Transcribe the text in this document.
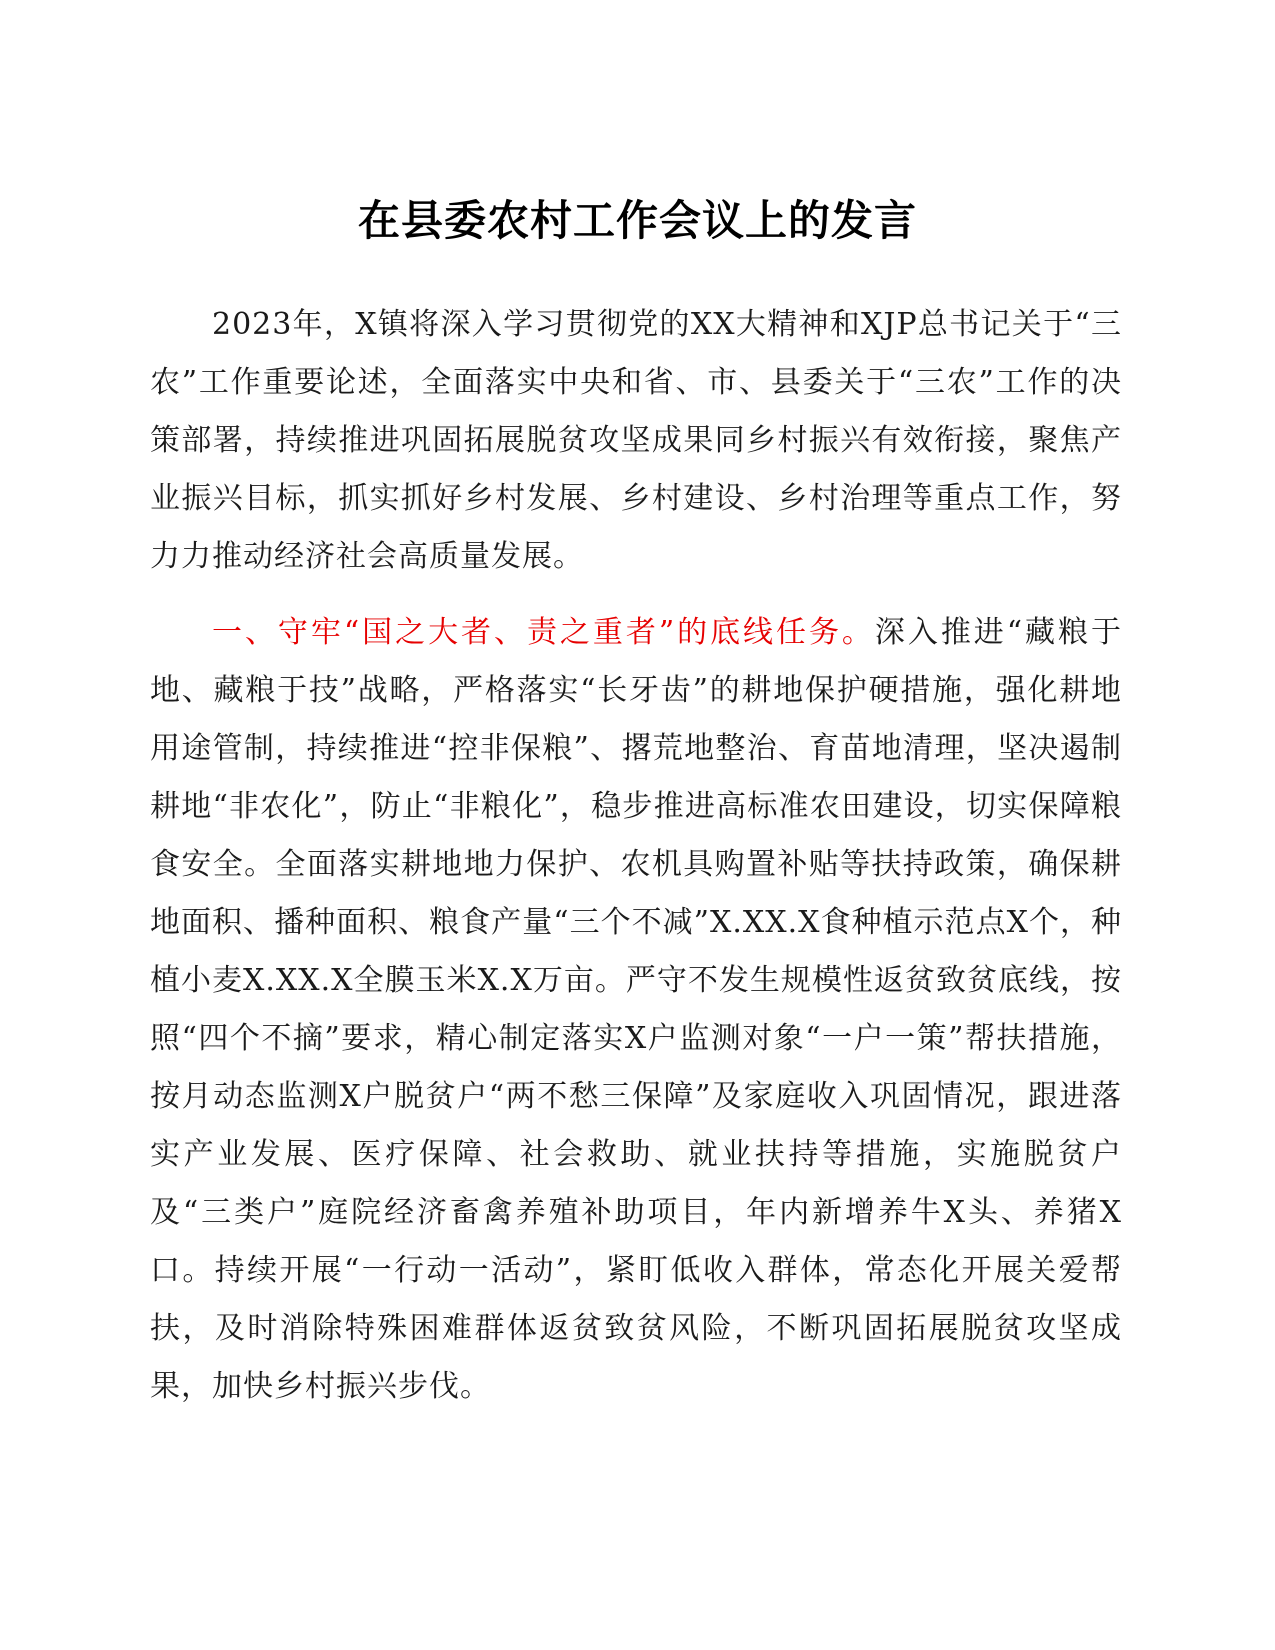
在县委农村工作会议上的发言

2023年，X镇将深入学习贯彻党的XX大精神和XJP总书记关于“三农”工作重要论述，全面落实中央和省、市、县委关于“三农”工作的决策部署，持续推进巩固拓展脱贫攻坚成果同乡村振兴有效衔接，聚焦产业振兴目标，抓实抓好乡村发展、乡村建设、乡村治理等重点工作，努力力推动经济社会高质量发展。

一、守牢“国之大者、责之重者”的底线任务。深入推进“藏粮于地、藏粮于技”战略，严格落实“长牙齿”的耕地保护硬措施，强化耕地用途管制，持续推进“控非保粮”、撂荒地整治、育苗地清理，坚决遏制耕地“非农化”，防止“非粮化”，稳步推进高标准农田建设，切实保障粮食安全。全面落实耕地地力保护、农机具购置补贴等扶持政策，确保耕地面积、播种面积、粮食产量“三个不减”X.XX.X食种植示范点X个，种植小麦X.XX.X全膜玉米X.X万亩。严守不发生规模性返贫致贫底线，按照“四个不摘”要求，精心制定落实X户监测对象“一户一策”帮扶措施，按月动态监测X户脱贫户“两不愁三保障”及家庭收入巩固情况，跟进落实产业发展、医疗保障、社会救助、就业扶持等措施，实施脱贫户及“三类户”庭院经济畜禽养殖补助项目，年内新增养牛X头、养猪X口。持续开展“一行动一活动”，紧盯低收入群体，常态化开展关爱帮扶，及时消除特殊困难群体返贫致贫风险，不断巩固拓展脱贫攻坚成果，加快乡村振兴步伐。
